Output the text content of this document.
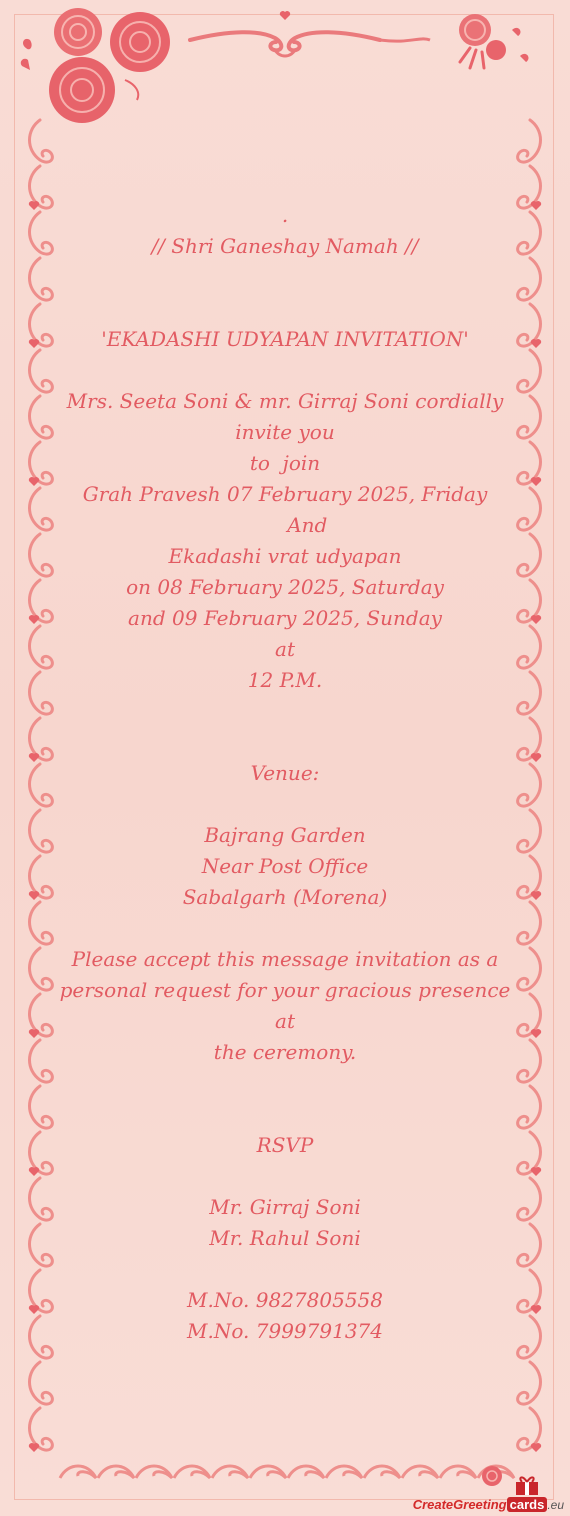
.
// Shri Ganeshay Namah //
'EKADASHI UDYAPAN INVITATION'
Mrs. Seeta Soni & mr. Girraj Soni cordially
invite you
to  join
Grah Pravesh 07 February 2025, Friday
And
Ekadashi vrat udyapan
on 08 February 2025, Saturday
and 09 February 2025, Sunday
at
12 P.M.
Venue:
Bajrang Garden
Near Post Office
Sabalgarh (Morena)
Please accept this message invitation as a
personal request for your gracious presence at
the ceremony.
RSVP
Mr. Girraj Soni
Mr. Rahul Soni
M.No. 9827805558
M.No. 7999791374
CreateGreeting cards .eu
